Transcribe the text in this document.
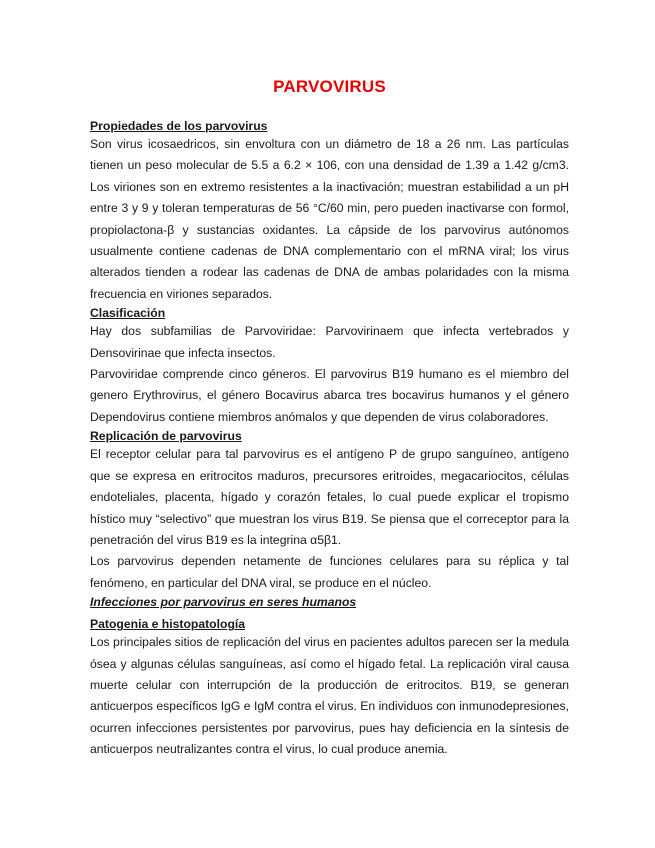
PARVOVIRUS
Propiedades de los parvovirus

Son virus icosaedricos, sin envoltura con un diámetro de 18 a 26 nm. Las partículas tienen un peso molecular de 5.5 a 6.2 × 106, con una densidad de 1.39 a 1.42 g/cm3. Los viriones son en extremo resistentes a la inactivación; muestran estabilidad a un pH entre 3 y 9 y toleran temperaturas de 56 °C/60 min, pero pueden inactivarse con formol, propiolactona-β y sustancias oxidantes. La cápside de los parvovirus autónomos usualmente contiene cadenas de DNA complementario con el mRNA viral; los virus alterados tienden a rodear las cadenas de DNA de ambas polaridades con la misma frecuencia en viriones separados.

Clasificación

Hay dos subfamilias de Parvoviridae: Parvovirinaem que infecta vertebrados y Densovirinae que infecta insectos.

Parvoviridae comprende cinco géneros. El parvovirus B19 humano es el miembro del genero Erythrovirus, el género Bocavirus abarca tres bocavirus humanos y el género Dependovirus contiene miembros anómalos y que dependen de virus colaboradores.

Replicación de parvovirus

El receptor celular para tal parvovirus es el antígeno P de grupo sanguíneo, antígeno que se expresa en eritrocitos maduros, precursores eritroides, megacariocitos, células endoteliales, placenta, hígado y corazón fetales, lo cual puede explicar el tropismo hístico muy “selectivo” que muestran los virus B19. Se piensa que el correceptor para la penetración del virus B19 es la integrina α5β1.

Los parvovirus dependen netamente de funciones celulares para su réplica y tal fenómeno, en particular del DNA viral, se produce en el núcleo.

Infecciones por parvovirus en seres humanos
Patogenia e histopatología

Los principales sitios de replicación del virus en pacientes adultos parecen ser la medula ósea y algunas células sanguíneas, así como el hígado fetal. La replicación viral causa muerte celular con interrupción de la producción de eritrocitos. B19, se generan anticuerpos específicos IgG e IgM contra el virus. En individuos con inmunodepresiones, ocurren infecciones persistentes por parvovirus, pues hay deficiencia en la síntesis de anticuerpos neutralizantes contra el virus, lo cual produce anemia.
